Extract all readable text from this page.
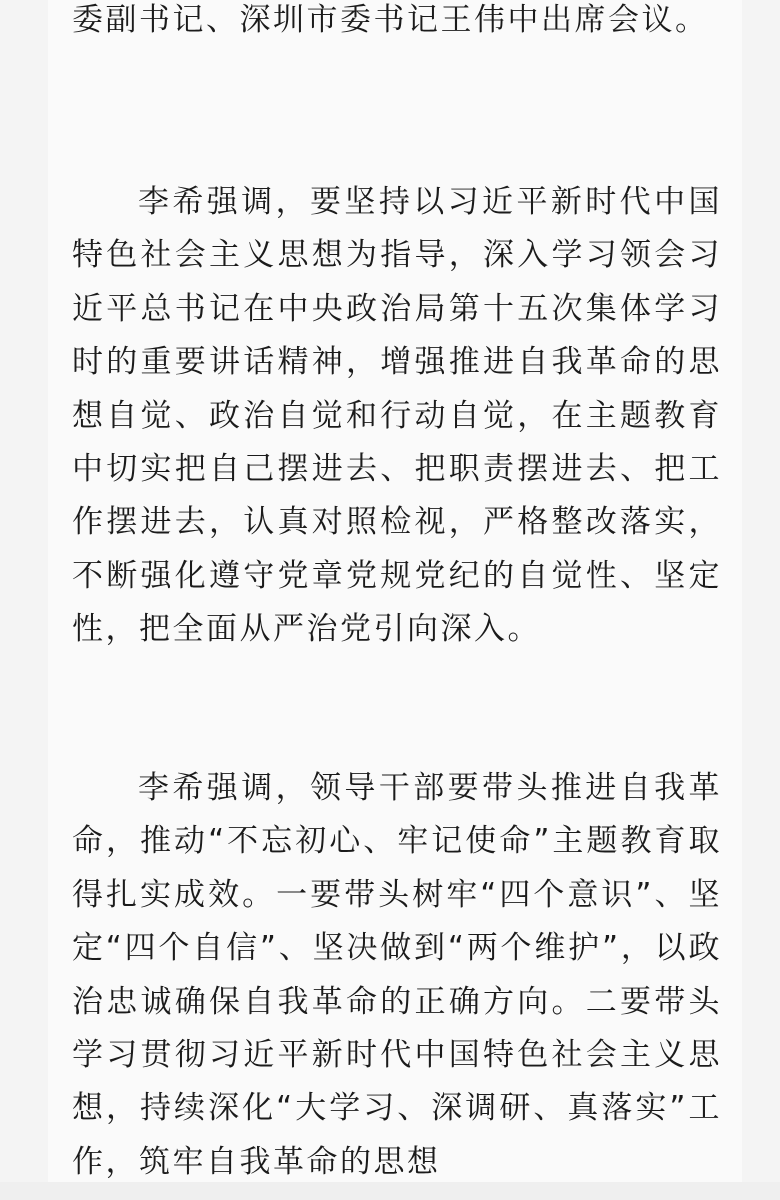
委副书记、深圳市委书记王伟中出席会议。

李希强调，要坚持以习近平新时代中国特色社会主义思想为指导，深入学习领会习近平总书记在中央政治局第十五次集体学习时的重要讲话精神，增强推进自我革命的思想自觉、政治自觉和行动自觉，在主题教育中切实把自己摆进去、把职责摆进去、把工作摆进去，认真对照检视，严格整改落实，不断强化遵守党章党规党纪的自觉性、坚定性，把全面从严治党引向深入。

李希强调，领导干部要带头推进自我革命，推动“不忘初心、牢记使命”主题教育取得扎实成效。一要带头树牢“四个意识”、坚定“四个自信”、坚决做到“两个维护”，以政治忠诚确保自我革命的正确方向。二要带头学习贯彻习近平新时代中国特色社会主义思想，持续深化“大学习、深调研、真落实”工作，筑牢自我革命的思想
